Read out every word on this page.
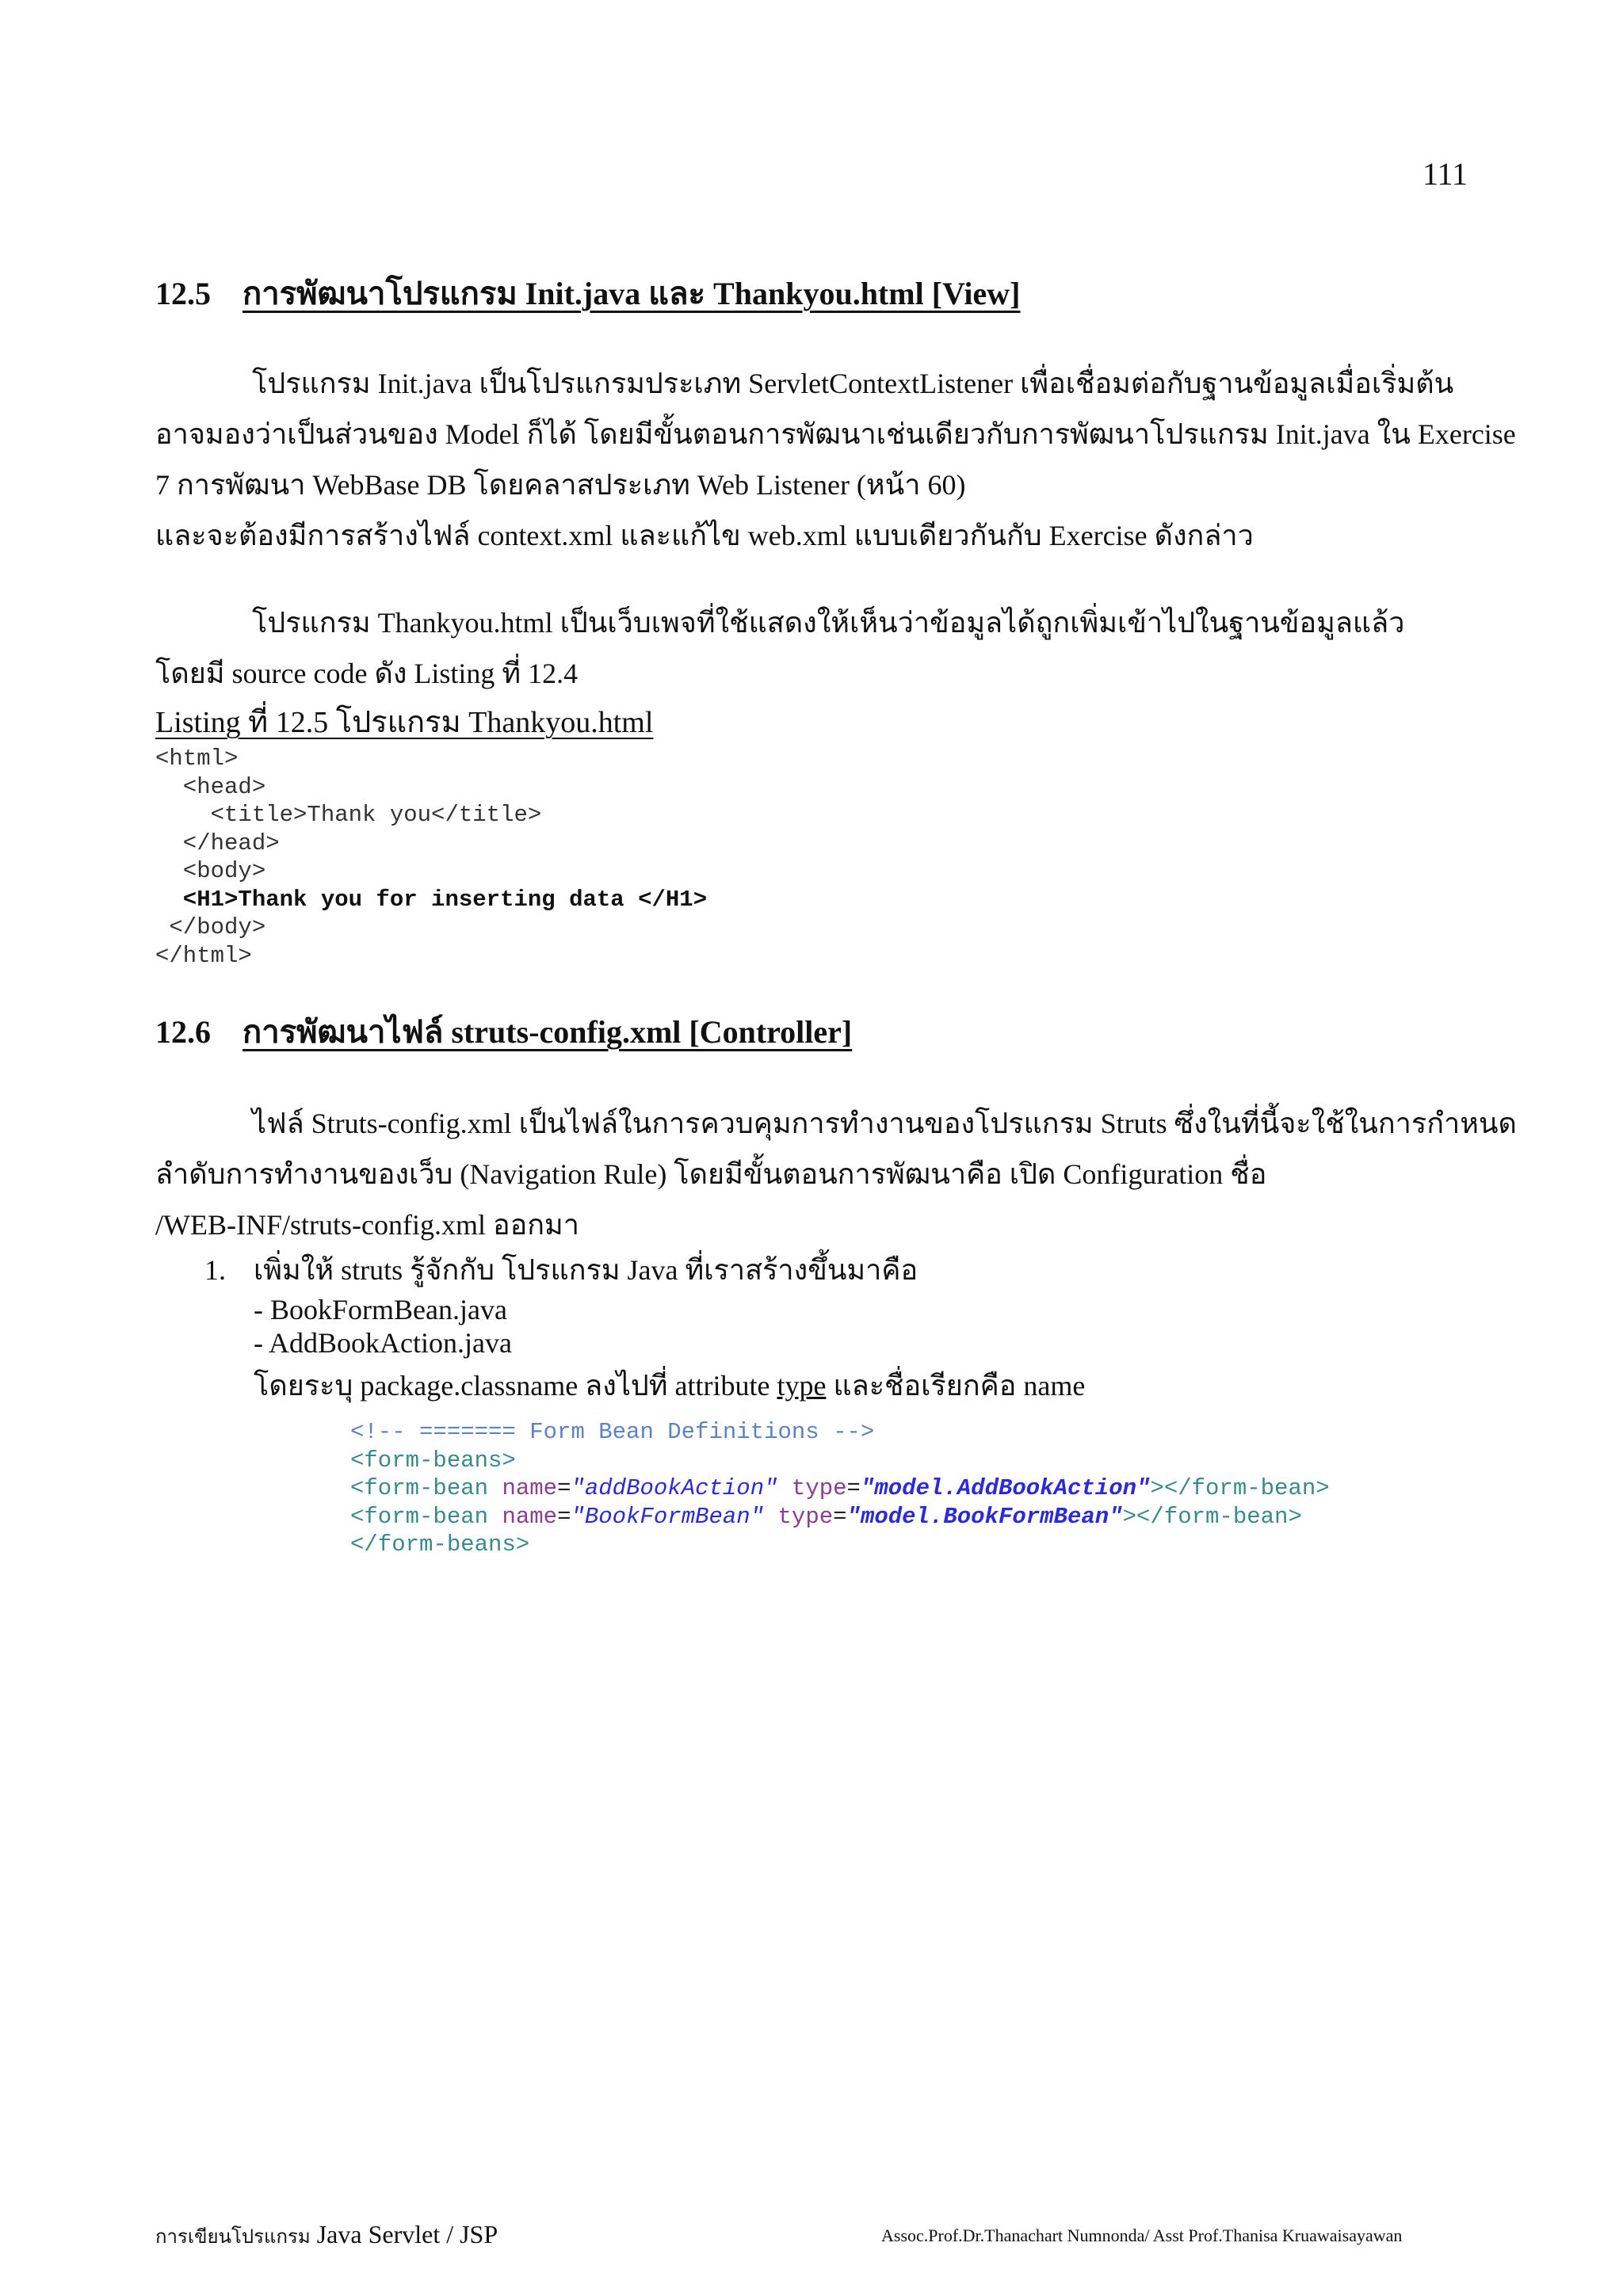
111
12.5 การพัฒนาโปรแกรม Init.java และ Thankyou.html [View]
โปรแกรม Init.java เป็นโปรแกรมประเภท ServletContextListener เพื่อเชื่อมต่อกับฐานข้อมูลเมื่อเริ่มต้น
อาจมองว่าเป็นส่วนของ Model ก็ได้ โดยมีขั้นตอนการพัฒนาเช่นเดียวกับการพัฒนาโปรแกรม Init.java ใน Exercise
7 การพัฒนา WebBase DB โดยคลาสประเภท Web Listener (หน้า 60)
และจะต้องมีการสร้างไฟล์ context.xml และแก้ไข web.xml แบบเดียวกันกับ Exercise ดังกล่าว
โปรแกรม Thankyou.html เป็นเว็บเพจที่ใช้แสดงให้เห็นว่าข้อมูลได้ถูกเพิ่มเข้าไปในฐานข้อมูลแล้ว
โดยมี source code ดัง Listing ที่ 12.4
Listing ที่ 12.5 โปรแกรม Thankyou.html
<html>
<head>
<title>Thank you</title>
</head>
<body>
<H1>Thank you for inserting data </H1>
</body>
</html>
12.6 การพัฒนาไฟล์ struts-config.xml [Controller]
ไฟล์ Struts-config.xml เป็นไฟล์ในการควบคุมการทำงานของโปรแกรม Struts ซึ่งในที่นี้จะใช้ในการกำหนด
ลำดับการทำงานของเว็บ (Navigation Rule) โดยมีขั้นตอนการพัฒนาคือ เปิด Configuration ชื่อ
/WEB-INF/struts-config.xml ออกมา
1. เพิ่มให้ struts รู้จักกับ โปรแกรม Java ที่เราสร้างขึ้นมาคือ
- BookFormBean.java
- AddBookAction.java
โดยระบุ package.classname ลงไปที่ attribute type และชื่อเรียกคือ name
<!-- ======= Form Bean Definitions -->
<form-beans>
<form-bean name="addBookAction" type="model.AddBookAction"></form-bean>
<form-bean name="BookFormBean" type="model.BookFormBean"></form-bean>
</form-beans>
การเขียนโปรแกรม Java Servlet / JSP	Assoc.Prof.Dr.Thanachart Numnonda/ Asst Prof.Thanisa Kruawaisayawan
